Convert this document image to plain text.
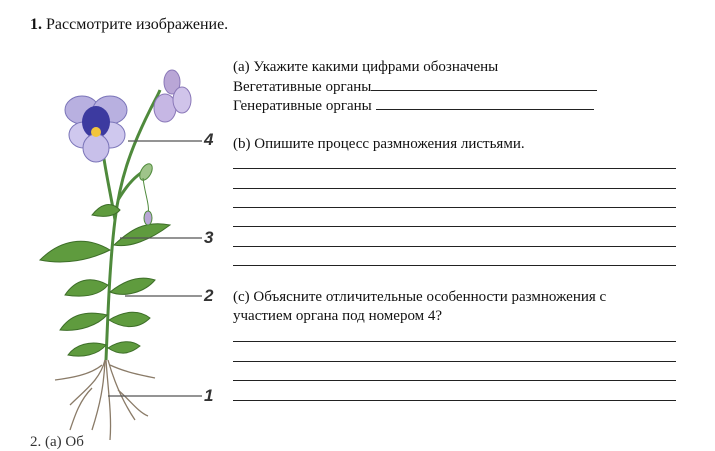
1. Рассмотрите изображение.
4
3
2
1
(а) Укажите какими цифрами обозначены
Вегетативные органы
Генеративные органы
(b) Опишите процесс размножения листьями.
(c) Объясните отличительные особенности размножения с
участием органа под номером 4?
2. (а) Об
